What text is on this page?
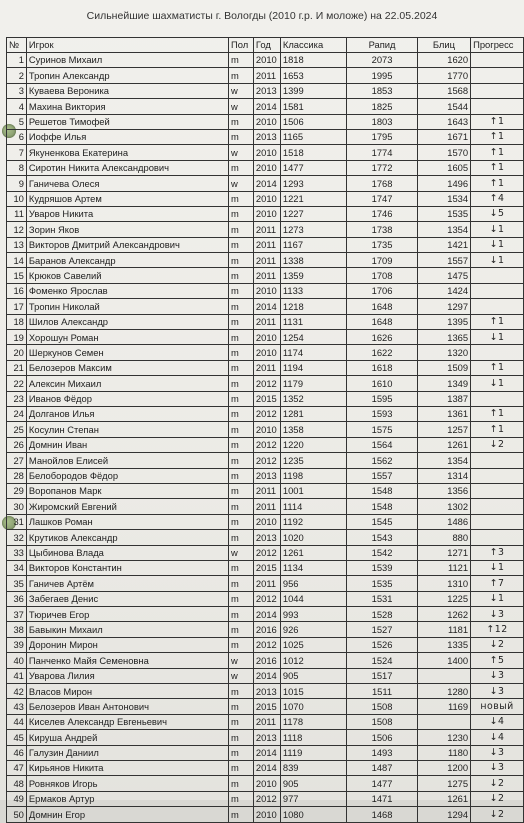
Сильнейшие шахматисты г. Вологды (2010 г.р. И моложе) на 22.05.2024
№	Игрок	Пол	Год	Классика	Рапид	Блиц	Прогресс
1	Суринов Михаил	m	2010	1818	2073	1620	
2	Тропин Александр	m	2011	1653	1995	1770	
3	Кувaева Вероника	w	2013	1399	1853	1568	
4	Махина Виктория	w	2014	1581	1825	1544	
5	Решетов Тимофей	m	2010	1506	1803	1643	↑1
6	Иоффе Илья	m	2013	1165	1795	1671	↑1
7	Якуненкова Екатерина	w	2010	1518	1774	1570	↑1
8	Сиротин Никита Александрович	m	2010	1477	1772	1605	↑1
9	Ганичева Олеся	w	2014	1293	1768	1496	↑1
10	Кудряшов Артем	m	2010	1221	1747	1534	↑4
11	Уваров Никита	m	2010	1227	1746	1535	↓5
12	Зорин Яков	m	2011	1273	1738	1354	↓1
13	Викторов Дмитрий Александрович	m	2011	1167	1735	1421	↓1
14	Баранов Александр	m	2011	1338	1709	1557	↓1
15	Крюков Савелий	m	2011	1359	1708	1475	
16	Фоменко Ярослав	m	2010	1133	1706	1424	
17	Тропин Николай	m	2014	1218	1648	1297	
18	Шилов Александр	m	2011	1131	1648	1395	↑1
19	Хорошун Роман	m	2010	1254	1626	1365	↓1
20	Шеркунов Семен	m	2010	1174	1622	1320	
21	Белозеров Максим	m	2011	1194	1618	1509	↑1
22	Алексин Михаил	m	2012	1179	1610	1349	↓1
23	Иванов Фёдор	m	2015	1352	1595	1387	
24	Долганов Илья	m	2012	1281	1593	1361	↑1
25	Косулин Степан	m	2010	1358	1575	1257	↑1
26	Домнин Иван	m	2012	1220	1564	1261	↓2
27	Манойлов Елисей	m	2012	1235	1562	1354	
28	Белобородов Фёдор	m	2013	1198	1557	1314	
29	Воропанов Марк	m	2011	1001	1548	1356	
30	Жиромский Евгений	m	2011	1114	1548	1302	
31	Лашков Роман	m	2010	1192	1545	1486	
32	Крутиков Александр	m	2013	1020	1543	880	
33	Цыбинова Влада	w	2012	1261	1542	1271	↑3
34	Викторов Константин	m	2015	1134	1539	1121	↓1
35	Ганичев Артём	m	2011	956	1535	1310	↑7
36	Забегаев Денис	m	2012	1044	1531	1225	↓1
37	Тюричев Егор	m	2014	993	1528	1262	↓3
38	Бавыкин Михаил	m	2016	926	1527	1181	↑12
39	Доронин Мирон	m	2012	1025	1526	1335	↓2
40	Панченко Майя Семеновна	w	2016	1012	1524	1400	↑5
41	Уварова Лилия	w	2014	905	1517		↓3
42	Власов Мирон	m	2013	1015	1511	1280	↓3
43	Белозеров Иван Антонович	m	2015	1070	1508	1169	новый
44	Киселев Александр Евгеньевич	m	2011	1178	1508		↓4
45	Кируша Андрей	m	2013	1118	1506	1230	↓4
46	Галузин Даниил	m	2014	1119	1493	1180	↓3
47	Кирьянов Никита	m	2014	839	1487	1200	↓3
48	Ровняков Игорь	m	2010	905	1477	1275	↓2
49	Ермаков Артур	m	2012	977	1471	1261	↓2
50	Домнин Егор	m	2010	1080	1468	1294	↓2
